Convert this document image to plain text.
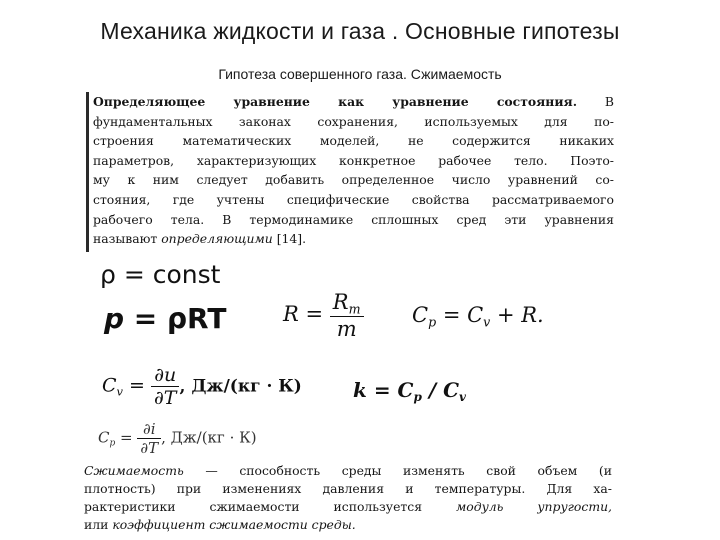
Механика жидкости и газа . Основные гипотезы
Гипотеза совершенного газа. Сжимаемость
Определяющее уравнение как уравнение состояния. В
фундаментальных законах сохранения, используемых для по-
строения математических моделей, не содержится никаких
параметров, характеризующих конкретное рабочее тело. Поэто-
му к ним следует добавить определенное число уравнений со-
стояния, где учтены специфические свойства рассматриваемого
рабочего тела. В термодинамике сплошных сред эти уравнения
называют определяющими [14].
ρ = const
p = ρRT	$R = \frac{R_m}{m} C_p = C_v + R$.
$C_v = \frac{\partial u}{\partial T}$ , Дж/(кг · К)	$k = C_p / C_v$
$C_p = \frac{\partial i}{\partial T}$ , Дж/(кг · К)
Сжимаемость — способность среды изменять свой объем (и
плотность) при изменениях давления и температуры. Для ха-
рактеристики сжимаемости используется модуль упругости,
или коэффициент сжимаемости среды.
